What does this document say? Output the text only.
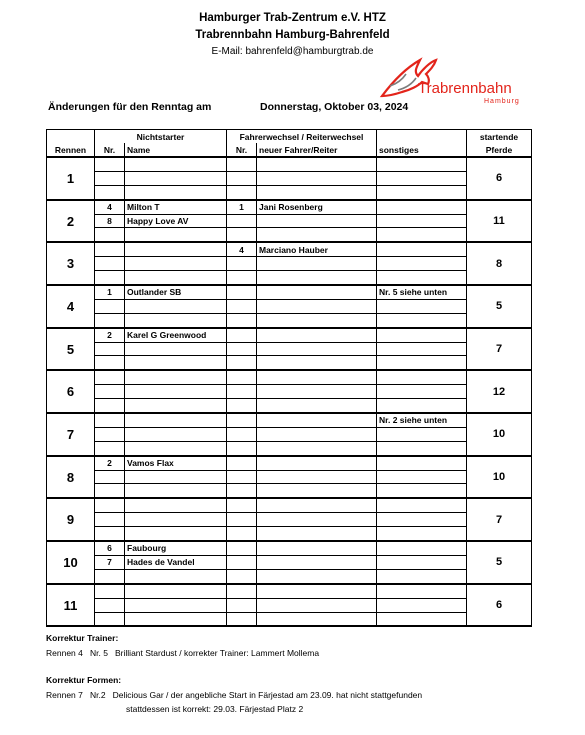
Hamburger Trab-Zentrum e.V. HTZ
Trabrennbahn Hamburg-Bahrenfeld
E-Mail: bahrenfeld@hamburgtrab.de
Trabrennbahn
Hamburg
Änderungen für den Renntag am	Donnerstag, Oktober 03, 2024
	Nichtstarter		Fahrerwechsel / Reiterwechsel			startende
Rennen	Nr.	Name	Nr.	neuer Fahrer/Reiter	sonstiges	Pferde
1						6

2	4	Milton T	1	Jani Rosenberg		11
	8	Happy Love AV				

3			4	Marciano Hauber		8

4	1	Outlander SB			Nr. 5 siehe unten	5

5	2	Karel G Greenwood				7

6						12

7					Nr. 2 siehe unten	10

8	2	Vamos Flax				10

9						7

10	6	Faubourg				5
	7	Hades de Vandel				

11						6

Korrektur Trainer:
Rennen 4 Nr. 5 Brilliant Stardust / korrekter Trainer: Lammert Mollema
Korrektur Formen:
Rennen 7 Nr.2 Delicious Gar / der angebliche Start in Färjestad am 23.09. hat nicht stattgefunden
stattdessen ist korrekt: 29.03. Färjestad Platz 2
